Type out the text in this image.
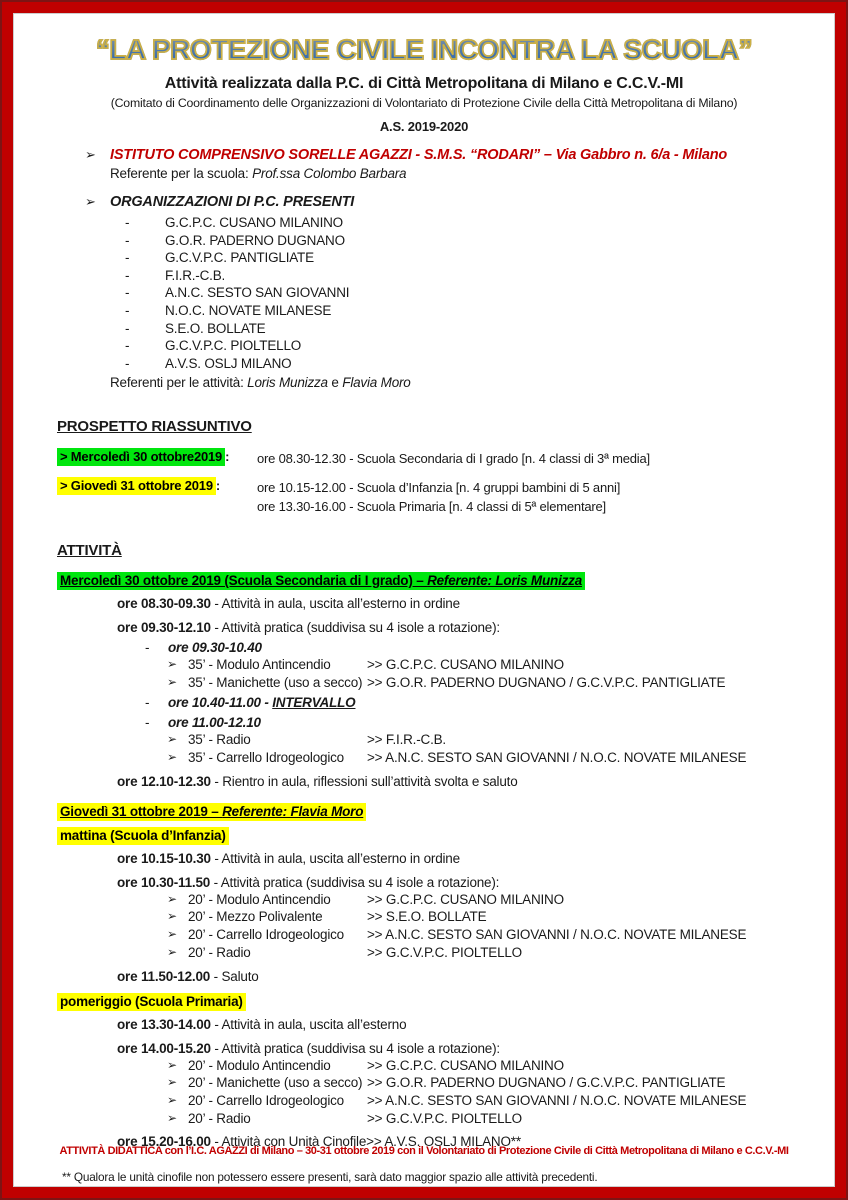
“LA PROTEZIONE CIVILE INCONTRA LA SCUOLA”

Attività realizzata dalla P.C. di Città Metropolitana di Milano e C.C.V.-MI

(Comitato di Coordinamento delle Organizzazioni di Volontariato di Protezione Civile della Città Metropolitana di Milano)

A.S. 2019-2020

➢ ISTITUTO COMPRENSIVO SORELLE AGAZZI - S.M.S. “RODARI” – Via Gabbro n. 6/a - Milano

Referente per la scuola: Prof.ssa Colombo Barbara

➢ ORGANIZZAZIONI DI P.C. PRESENTI
-	G.C.P.C. CUSANO MILANINO
-	G.O.R. PADERNO DUGNANO
-	G.C.V.P.C. PANTIGLIATE
-	F.I.R.-C.B.
-	A.N.C. SESTO SAN GIOVANNI
-	N.O.C. NOVATE MILANESE
-	S.E.O. BOLLATE
-	G.C.V.P.C. PIOLTELLO
-	A.V.S. OSLJ MILANO

Referenti per le attività: Loris Munizza e Flavia Moro

PROSPETTO RIASSUNTIVO
> Mercoledì 30 ottobre2019 :	ore 08.30-12.30 - Scuola Secondaria di I grado [n. 4 classi di 3ª media]

> Giovedì 31 ottobre 2019 :	ore 10.15-12.00 - Scuola d’Infanzia [n. 4 gruppi bambini di 5 anni]

ore 13.30-16.00 - Scuola Primaria [n. 4 classi di 5ª elementare]

ATTIVITÀ
Mercoledì 30 ottobre 2019 (Scuola Secondaria di I grado) – Referente: Loris Munizza

ore 08.30-09.30 - Attività in aula, uscita all’esterno in ordine

ore 09.30-12.10 - Attività pratica (suddivisa su 4 isole a rotazione):

-	ore 09.30-10.40
➢ 35’ - Modulo Antincendio	>> G.C.P.C. CUSANO MILANINO
➢ 35’ - Manichette (uso a secco) >> G.O.R. PADERNO DUGNANO / G.C.V.P.C. PANTIGLIATE
-	ore 10.40-11.00 - INTERVALLO
-	ore 11.00-12.10
➢ 35’ - Radio	>> F.I.R.-C.B.
➢ 35’ - Carrello Idrogeologico	>> A.N.C. SESTO SAN GIOVANNI / N.O.C. NOVATE MILANESE

ore 12.10-12.30 - Rientro in aula, riflessioni sull’attività svolta e saluto

Giovedì 31 ottobre 2019 – Referente: Flavia Moro
mattina (Scuola d’Infanzia)

ore 10.15-10.30 - Attività in aula, uscita all’esterno in ordine

ore 10.30-11.50 - Attività pratica (suddivisa su 4 isole a rotazione):

➢ 20’ - Modulo Antincendio	>> G.C.P.C. CUSANO MILANINO
➢ 20’ - Mezzo Polivalente	>> S.E.O. BOLLATE
➢ 20’ - Carrello Idrogeologico	>> A.N.C. SESTO SAN GIOVANNI / N.O.C. NOVATE MILANESE
➢ 20’ - Radio	>> G.C.V.P.C. PIOLTELLO

ore 11.50-12.00 - Saluto

pomeriggio (Scuola Primaria)

ore 13.30-14.00 - Attività in aula, uscita all’esterno

ore 14.00-15.20 - Attività pratica (suddivisa su 4 isole a rotazione):

➢ 20’ - Modulo Antincendio	>> G.C.P.C. CUSANO MILANINO
➢ 20’ - Manichette (uso a secco) >> G.O.R. PADERNO DUGNANO / G.C.V.P.C. PANTIGLIATE
➢ 20’ - Carrello Idrogeologico	>> A.N.C. SESTO SAN GIOVANNI / N.O.C. NOVATE MILANESE
➢ 20’ - Radio	>> G.C.V.P.C. PIOLTELLO

ore 15.20-16.00 - Attività con Unità Cinofile>> A.V.S. OSLJ MILANO**

** Qualora le unità cinofile non potessero essere presenti, sarà dato maggior spazio alle attività precedenti.

ATTIVITÀ DIDATTICA con l’I.C. AGAZZI di Milano – 30-31 ottobre 2019 con il Volontariato di Protezione Civile di Città Metropolitana di Milano e C.C.V.-MI
